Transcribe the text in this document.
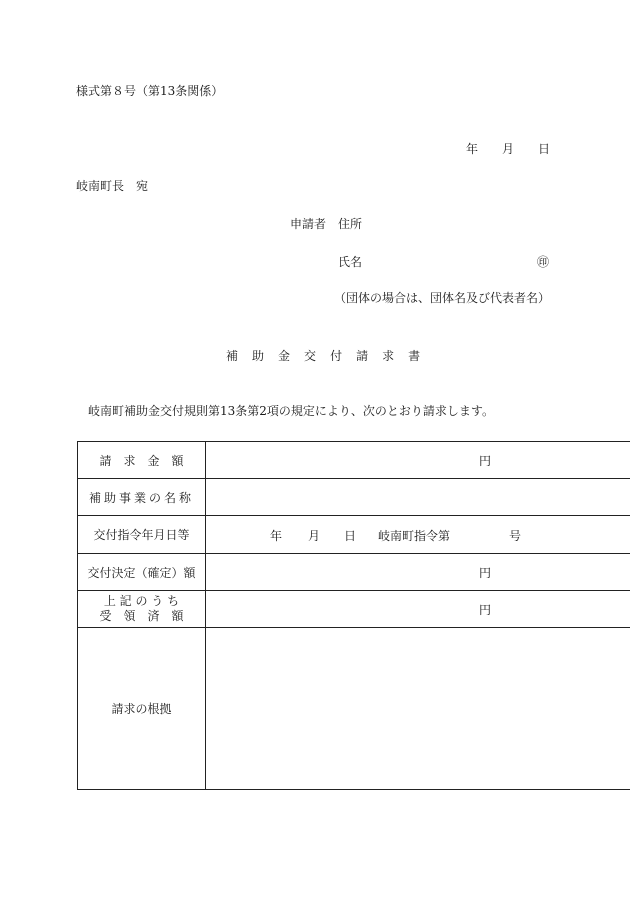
様式第８号（第13条関係）
年 月 日
岐南町長　宛
申請者　住所
氏名	㊞
（団体の場合は、団体名及び代表者名）
補 助 金 交 付 請 求 書
岐南町補助金交付規則第13条第2項の規定により、次のとおり請求します。
請　求　金　額	円
補助事業の名称	
交付指令年月日等	年 月 日 岐南町指令第 号

交付決定（確定）額	円

上 記 の う ち
受　領　済　額	円
請求の根拠	
